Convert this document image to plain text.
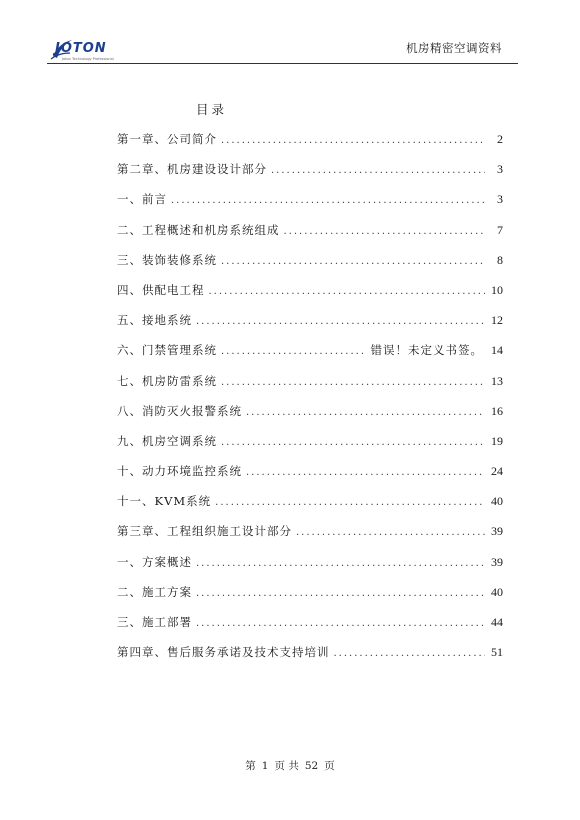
JOTON
Joton Technology Professional
机房精密空调资料
目录
第一章、公司简介 .....	2
第二章、机房建设设计部分 .....	3
一、前言 .....	3
二、工程概述和机房系统组成 .....	7
三、装饰装修系统 .....	8
四、供配电工程 .....	10
五、接地系统 .....	12
六、门禁管理系统 .....	错误！未定义书签。 14
七、机房防雷系统 .....	13
八、消防灭火报警系统 .....	16
九、机房空调系统 .....	19
十、动力环境监控系统 .....	24
十一、KVM系统 .....	40
第三章、工程组织施工设计部分 .....	39
一、方案概述 .....	39
二、施工方案 .....	40
三、施工部署 .....	44
第四章、售后服务承诺及技术支持培训 .....	51
第 1 页 共 52 页
